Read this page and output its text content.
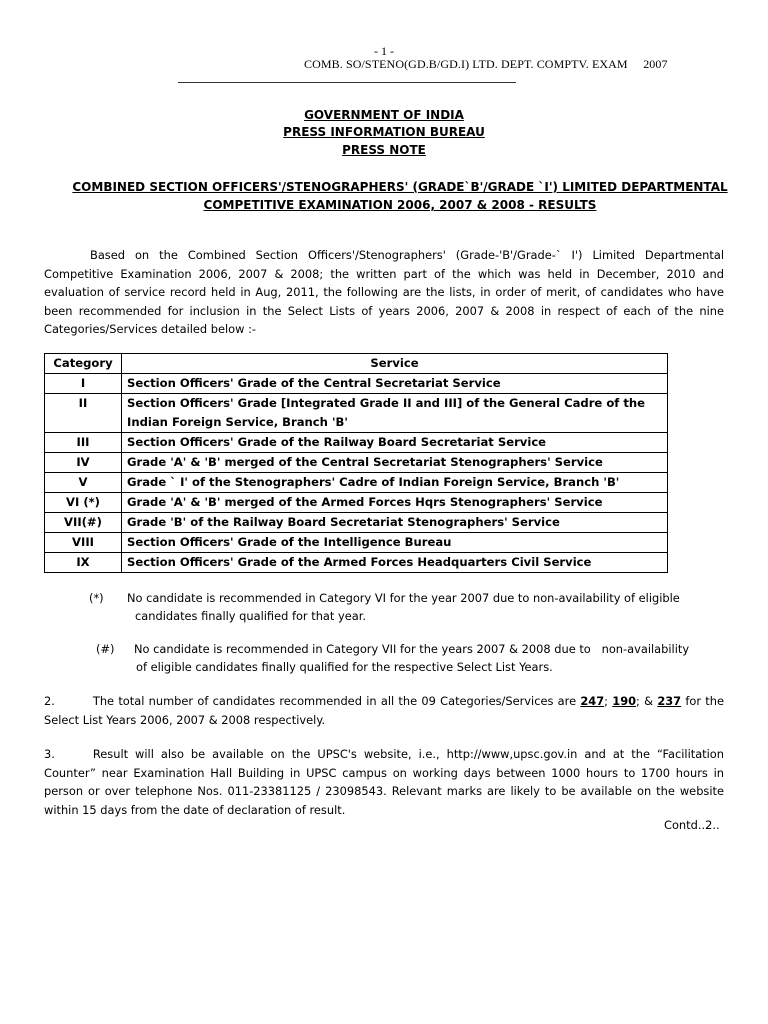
- 1 -
COMB. SO/STENO(GD.B/GD.I) LTD. DEPT. COMPTV. EXAM     2007
GOVERNMENT OF INDIA
PRESS INFORMATION BUREAU
PRESS NOTE
COMBINED SECTION OFFICERS'/STENOGRAPHERS' (GRADE`B'/GRADE `I') LIMITED DEPARTMENTAL
COMPETITIVE EXAMINATION 2006, 2007 & 2008 - RESULTS
Based on the Combined Section Officers'/Stenographers' (Grade-'B'/Grade-` I') Limited Departmental Competitive Examination 2006, 2007 & 2008; the written part of the which was held in December, 2010 and evaluation of service record held in Aug, 2011, the following are the lists, in order of merit, of candidates who have been recommended for inclusion in the Select Lists of years 2006, 2007 & 2008 in respect of each of the nine Categories/Services detailed below :-
Category	Service
I	Section Officers' Grade of the Central Secretariat Service
II	Section Officers' Grade [Integrated Grade II and III] of the General Cadre of the Indian Foreign Service, Branch 'B'
III	Section Officers' Grade of the Railway Board Secretariat Service
IV	Grade 'A' & 'B' merged of the Central Secretariat Stenographers' Service
V	Grade ` I' of the Stenographers' Cadre of Indian Foreign Service, Branch 'B'
VI (*)	Grade 'A' & 'B' merged of the Armed Forces Hqrs Stenographers' Service
VII(#)	Grade 'B' of the Railway Board Secretariat Stenographers' Service
VIII	Section Officers' Grade of the Intelligence Bureau
IX	Section Officers' Grade of the Armed Forces Headquarters Civil Service
(*) No candidate is recommended in Category VI for the year 2007 due to non-availability of eligible
candidates finally qualified for that year.
(#) No candidate is recommended in Category VII for the years 2007 & 2008 due to   non-availability
of eligible candidates finally qualified for the respective Select List Years.
2.	The total number of candidates recommended in all the 09 Categories/Services are 247; 190; & 237 for the Select List Years 2006, 2007 & 2008 respectively.
3.	Result will also be available on the UPSC's website, i.e., http://www,upsc.gov.in and at the “Facilitation Counter” near Examination Hall Building in UPSC campus on working days between 1000 hours to 1700 hours in person or over telephone Nos. 011-23381125 / 23098543. Relevant marks are likely to be available on the website within 15 days from the date of declaration of result.
Contd..2..
